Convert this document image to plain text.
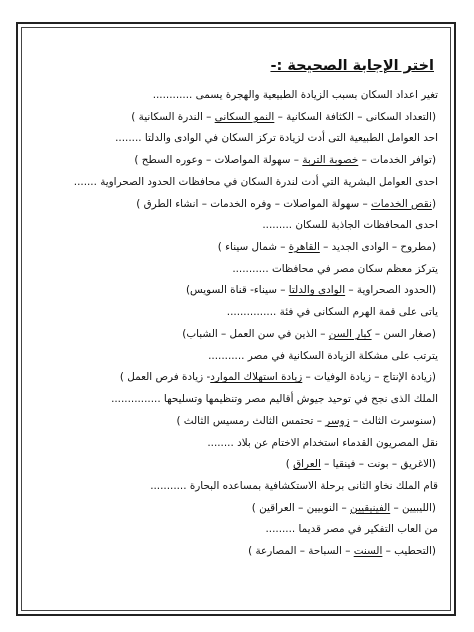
اختر الإجابة الصحيحة :-
تغير اعداد السكان بسبب الزيادة الطبيعية والهجرة يسمى ............
(التعداد السكانى – الكثافة السكانية – النمو السكانى – الندرة السكانية )
احد العوامل الطبيعية التى أدت لزيادة تركز السكان في الوادى والدلتا ........
(توافر الخدمات – خصوبة التربة – سهولة المواصلات – وعوره السطح )
احدى العوامل البشرية التي أدت لندرة السكان في محافظات الحدود الصحراوية .......
(نقص الخدمات – سهولة المواصلات – وفره الخدمات – انشاء الطرق )
احدى المحافظات الجاذبة للسكان .........
(مطروح – الوادى الجديد – القاهرة – شمال سيناء )
يتركز معظم سكان مصر في محافظات ...........
(الحدود الصحراوية – الوادى والدلتا – سيناء- قناة السويس)
ياتى على قمة الهرم السكانى في فئة ...............
(صغار السن – كبار السن – الذين في سن العمل – الشباب)
يترتب على مشكلة الزيادة السكانية في مصر ...........
(زيادة الإنتاج – زيادة الوفيات – زيادة استهلاك الموارد- زيادة فرص العمل )
الملك الذى نجح في توحيد جيوش أقاليم مصر وتنظيمها وتسليحها ...............
(سنوسرت الثالث – زوسر – تحتمس الثالث رمسيس الثالث )
نقل المصريون القدماء استخدام الاختام عن بلاد ........
(الاغريق – بونت – فينقيا – العراق )
قام الملك نخاو الثانى برحلة الاستكشافية بمساعده البحارة ...........
(الليبيين – الفينيقيين – النوبيين – العراقين )
من العاب التفكير في مصر قديما .........
(التحطيب – السنت – السباحة – المصارعة )
